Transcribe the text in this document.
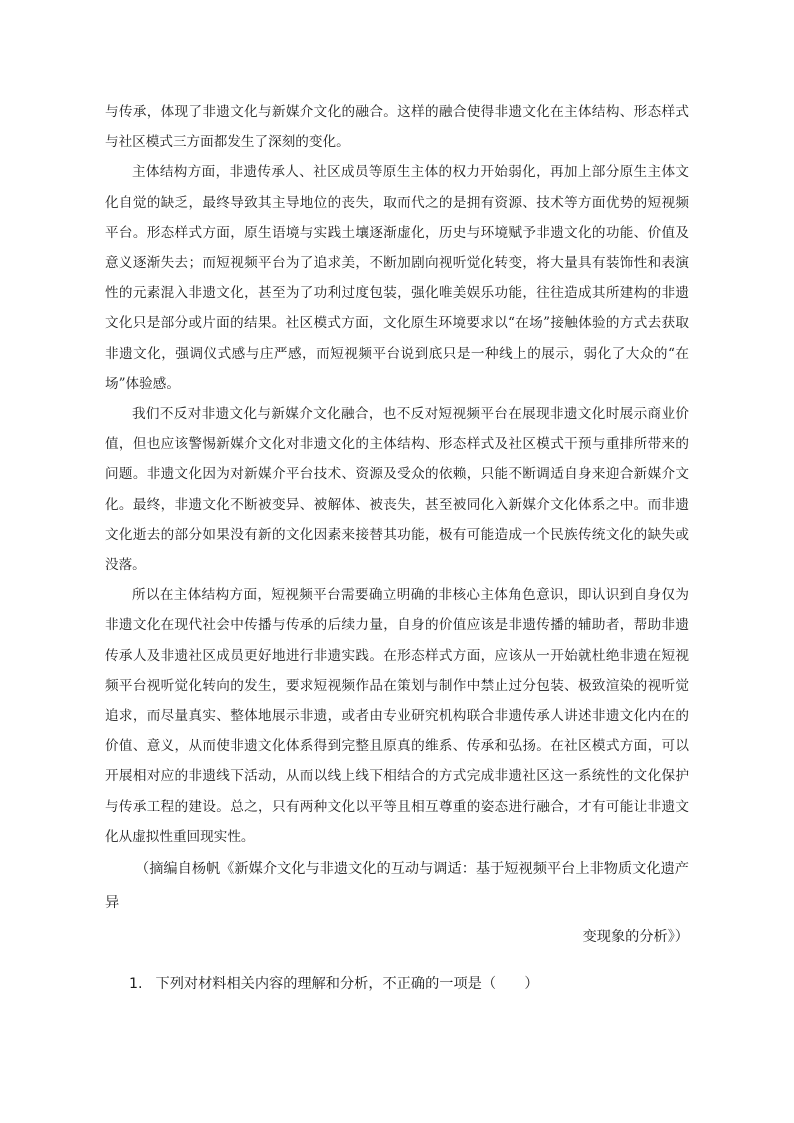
与传承，体现了非遗文化与新媒介文化的融合。这样的融合使得非遗文化在主体结构、形态样式与社区模式三方面都发生了深刻的变化。

主体结构方面，非遗传承人、社区成员等原生主体的权力开始弱化，再加上部分原生主体文化自觉的缺乏，最终导致其主导地位的丧失，取而代之的是拥有资源、技术等方面优势的短视频平台。形态样式方面，原生语境与实践土壤逐渐虚化，历史与环境赋予非遗文化的功能、价值及意义逐渐失去；而短视频平台为了追求美，不断加剧向视听觉化转变，将大量具有装饰性和表演性的元素混入非遗文化，甚至为了功利过度包装，强化唯美娱乐功能，往往造成其所建构的非遗文化只是部分或片面的结果。社区模式方面，文化原生环境要求以“在场”接触体验的方式去获取非遗文化，强调仪式感与庄严感，而短视频平台说到底只是一种线上的展示，弱化了大众的“在场”体验感。

我们不反对非遗文化与新媒介文化融合，也不反对短视频平台在展现非遗文化时展示商业价值，但也应该警惕新媒介文化对非遗文化的主体结构、形态样式及社区模式干预与重排所带来的问题。非遗文化因为对新媒介平台技术、资源及受众的依赖，只能不断调适自身来迎合新媒介文化。最终，非遗文化不断被变异、被解体、被丧失，甚至被同化入新媒介文化体系之中。而非遗文化逝去的部分如果没有新的文化因素来接替其功能，极有可能造成一个民族传统文化的缺失或没落。

所以在主体结构方面，短视频平台需要确立明确的非核心主体角色意识，即认识到自身仅为非遗文化在现代社会中传播与传承的后续力量，自身的价值应该是非遗传播的辅助者，帮助非遗传承人及非遗社区成员更好地进行非遗实践。在形态样式方面，应该从一开始就杜绝非遗在短视频平台视听觉化转向的发生，要求短视频作品在策划与制作中禁止过分包装、极致渲染的视听觉追求，而尽量真实、整体地展示非遗，或者由专业研究机构联合非遗传承人讲述非遗文化内在的价值、意义，从而使非遗文化体系得到完整且原真的维系、传承和弘扬。在社区模式方面，可以开展相对应的非遗线下活动，从而以线上线下相结合的方式完成非遗社区这一系统性的文化保护与传承工程的建设。总之，只有两种文化以平等且相互尊重的姿态进行融合，才有可能让非遗文化从虚拟性重回现实性。

（摘编自杨帆《新媒介文化与非遗文化的互动与调适：基于短视频平台上非物质文化遗产异
变现象的分析》）

1. 下列对材料相关内容的理解和分析，不正确的一项是（　　）
